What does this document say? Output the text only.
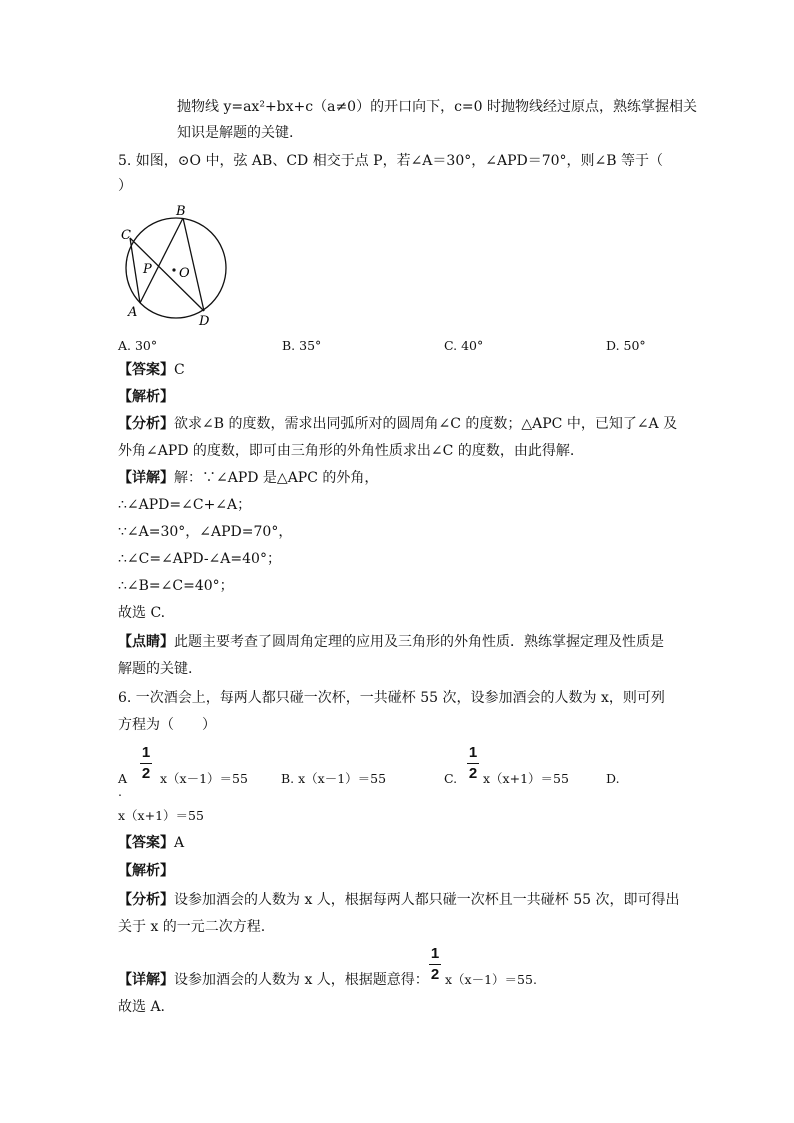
抛物线 y=ax²+bx+c（a≠0）的开口向下，c=0 时抛物线经过原点，熟练掌握相关
知识是解题的关键.
5. 如图，⊙O 中，弦 AB、CD 相交于点 P，若∠A＝30°，∠APD＝70°，则∠B 等于（
）
B
C
P O
A
D
A. 30°	B. 35°	C. 40°	D. 50°
【答案】C
【解析】
【分析】欲求∠B 的度数，需求出同弧所对的圆周角∠C 的度数；△APC 中，已知了∠A 及
外角∠APD 的度数，即可由三角形的外角性质求出∠C 的度数，由此得解.
【详解】解：∵∠APD 是△APC 的外角，
∴∠APD=∠C+∠A；
∵∠A=30°，∠APD=70°，
∴∠C=∠APD-∠A=40°；
∴∠B=∠C=40°；
故选 C.
【点睛】此题主要考查了圆周角定理的应用及三角形的外角性质．熟练掌握定理及性质是
解题的关键.
6. 一次酒会上，每两人都只碰一次杯，一共碰杯 55 次，设参加酒会的人数为 x，则可列
方程为（　　）
1
2
A
.
x（x－1）＝55	B. x（x－1）＝55	C.
1
2 x（x+1）＝55	D.
x（x+1）＝55
【答案】A
【解析】
【分析】设参加酒会的人数为 x 人，根据每两人都只碰一次杯且一共碰杯 55 次，即可得出
关于 x 的一元二次方程.
【详解】设参加酒会的人数为 x 人，根据题意得：
1
2 x（x－1）＝55.
故选 A.
